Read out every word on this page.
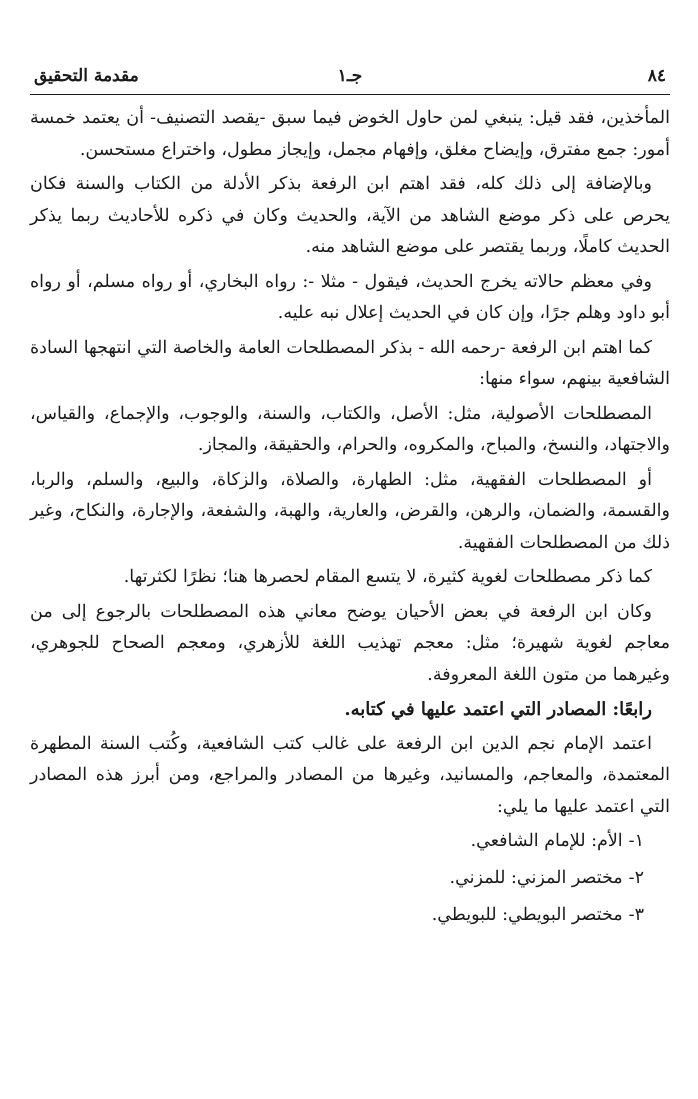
٨٤
جـ١
مقدمة التحقيق

المأخذين، فقد قيل: ينبغي لمن حاول الخوض فيما سبق -يقصد التصنيف- أن يعتمد خمسة أمور: جمع مفترق، وإيضاح مغلق، وإفهام مجمل، وإيجاز مطول، واختراع مستحسن.

وبالإضافة إلى ذلك كله، فقد اهتم ابن الرفعة بذكر الأدلة من الكتاب والسنة فكان يحرص على ذكر موضع الشاهد من الآية، والحديث وكان في ذكره للأحاديث ربما يذكر الحديث كاملًا، وربما يقتصر على موضع الشاهد منه.

وفي معظم حالاته يخرج الحديث، فيقول - مثلا -: رواه البخاري، أو رواه مسلم، أو رواه أبو داود وهلم جرًا، وإن كان في الحديث إعلال نبه عليه.

كما اهتم ابن الرفعة -رحمه الله - بذكر المصطلحات العامة والخاصة التي انتهجها السادة الشافعية بينهم، سواء منها:

المصطلحات الأصولية، مثل: الأصل، والكتاب، والسنة، والوجوب، والإجماع، والقياس، والاجتهاد، والنسخ، والمباح، والمكروه، والحرام، والحقيقة، والمجاز.

أو المصطلحات الفقهية، مثل: الطهارة، والصلاة، والزكاة، والبيع، والسلم، والربا، والقسمة، والضمان، والرهن، والقرض، والعارية، والهبة، والشفعة، والإجارة، والنكاح، وغير ذلك من المصطلحات الفقهية.

كما ذكر مصطلحات لغوية كثيرة، لا يتسع المقام لحصرها هنا؛ نظرًا لكثرتها.

وكان ابن الرفعة في بعض الأحيان يوضح معاني هذه المصطلحات بالرجوع إلى من معاجم لغوية شهيرة؛ مثل: معجم تهذيب اللغة للأزهري، ومعجم الصحاح للجوهري، وغيرهما من متون اللغة المعروفة.

رابعًا: المصادر التي اعتمد عليها في كتابه.

اعتمد الإمام نجم الدين ابن الرفعة على غالب كتب الشافعية، وكُتب السنة المطهرة المعتمدة، والمعاجم، والمسانيد، وغيرها من المصادر والمراجع، ومن أبرز هذه المصادر التي اعتمد عليها ما يلي:

١-الأم: للإمام الشافعي.
٢-مختصر المزني: للمزني.
٣-مختصر البويطي: للبويطي.
